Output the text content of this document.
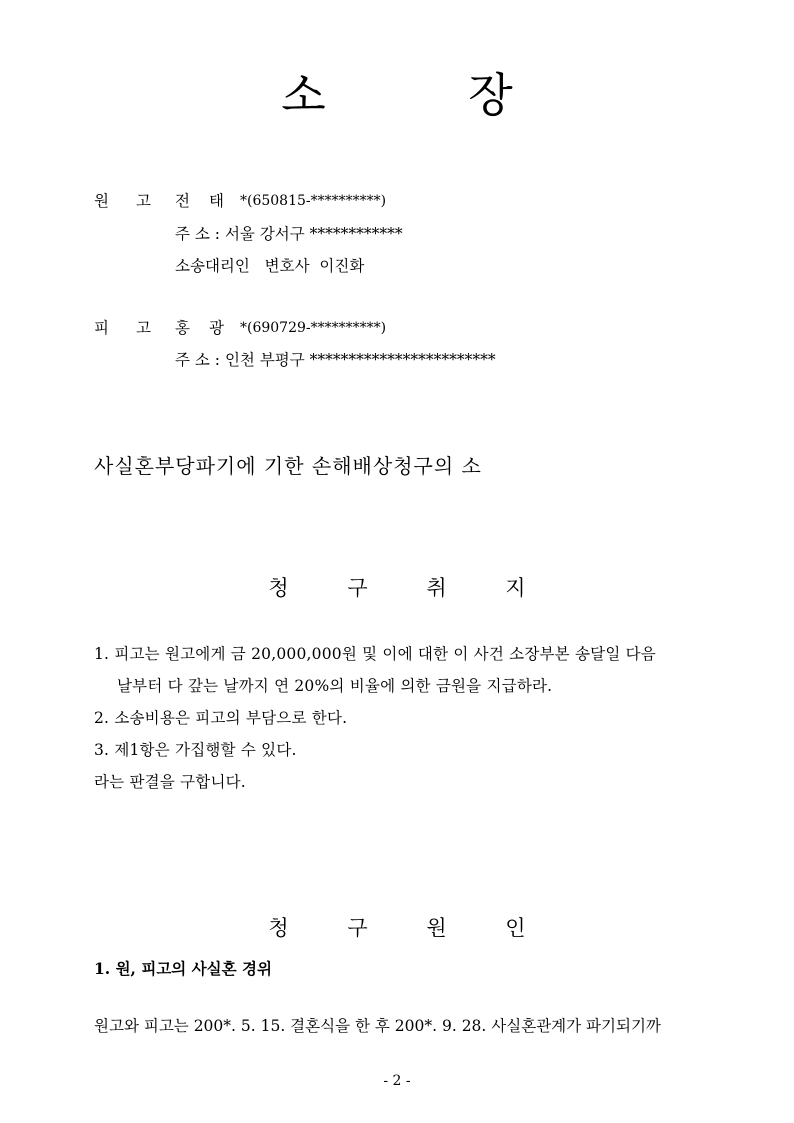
소 장
원 고 전 태 *(650815-**********)
주 소 : 서울 강서구 ************
소송대리인   변호사  이진화
피 고 홍 광 *(690729-**********)
주 소 : 인천 부평구 ************************
사실혼부당파기에 기한 손해배상청구의 소
청 구 취 지
1. 피고는 원고에게 금 20,000,000원 및 이에 대한 이 사건 소장부본 송달일 다음
날부터 다 갚는 날까지 연 20%의 비율에 의한 금원을 지급하라.
2. 소송비용은 피고의 부담으로 한다.
3. 제1항은 가집행할 수 있다.
라는 판결을 구합니다.
청 구 원 인
1. 원, 피고의 사실혼 경위
원고와 피고는 200*. 5. 15. 결혼식을 한 후 200*. 9. 28. 사실혼관계가 파기되기까
- 2 -
